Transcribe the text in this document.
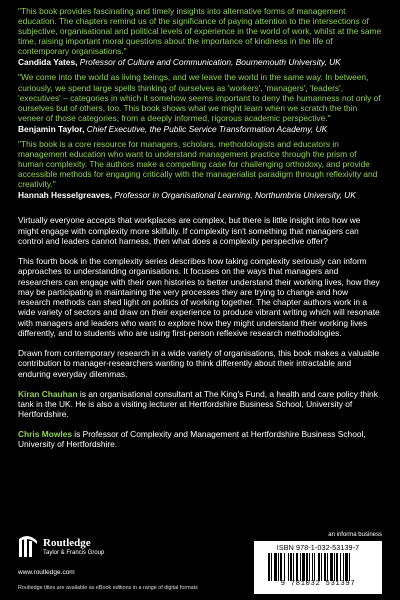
"This book provides fascinating and timely insights into alternative forms of management education. The chapters remind us of the significance of paying attention to the intersections of subjective, organisational and political levels of experience in the world of work, whilst at the same time, raising important moral questions about the importance of kindness in the life of contemporary organisations."
Candida Yates, Professor of Culture and Communication, Bournemouth University, UK
"We come into the world as living beings, and we leave the world in the same way. In between, curiously, we spend large spells thinking of ourselves as 'workers', 'managers', 'leaders', 'executives' – categories in which it somehow seems important to deny the humanness not only of ourselves but of others, too. This book shows what we might learn when we scratch the thin veneer of those categories, from a deeply informed, rigorous academic perspective."
Benjamin Taylor, Chief Executive, the Public Service Transformation Academy, UK
"This book is a core resource for managers, scholars, methodologists and educators in management education who want to understand management practice through the prism of human complexity. The authors make a compelling case for challenging orthodoxy, and provide accessible methods for engaging critically with the managerialist paradigm through reflexivity and creativity."
Hannah Hesselgreaves, Professor in Organisational Learning, Northumbria University, UK

Virtually everyone accepts that workplaces are complex, but there is little insight into how we might engage with complexity more skilfully. If complexity isn't something that managers can control and leaders cannot harness, then what does a complexity perspective offer?

This fourth book in the complexity series describes how taking complexity seriously can inform approaches to understanding organisations. It focuses on the ways that managers and researchers can engage with their own histories to better understand their working lives, how they may be participating in maintaining the very processes they are trying to change and how research methods can shed light on politics of working together. The chapter authors work in a wide variety of sectors and draw on their experience to produce vibrant writing which will resonate with managers and leaders who want to explore how they might understand their working lives differently, and to students who are using first-person reflexive research methodologies.

Drawn from contemporary research in a wide variety of organisations, this book makes a valuable contribution to manager-researchers wanting to think differently about their intractable and enduring everyday dilemmas.

Kiran Chauhan is an organisational consultant at The King's Fund, a health and care policy think tank in the UK. He is also a visiting lecturer at Hertfordshire Business School, University of Hertfordshire.

Chris Mowles is Professor of Complexity and Management at Hertfordshire Business School, University of Hertfordshire.

Routledge
Taylor & Francis Group
www.routledge.com
Routledge titles are available as eBook editions in a range of digital formats
an informa business
ISBN 978-1-032-53139-7
9 781032 531397
